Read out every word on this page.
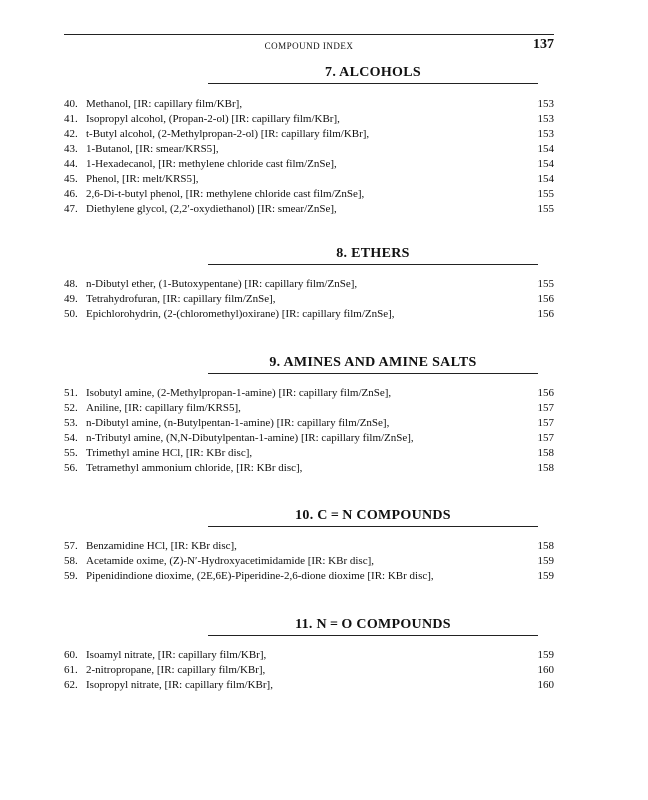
COMPOUND INDEX	137
7. ALCOHOLS
40. Methanol, [IR: capillary film/KBr],	153
41. Isopropyl alcohol, (Propan-2-ol) [IR: capillary film/KBr],	153
42. t-Butyl alcohol, (2-Methylpropan-2-ol) [IR: capillary film/KBr],	153
43. 1-Butanol, [IR: smear/KRS5],	154
44. 1-Hexadecanol, [IR: methylene chloride cast film/ZnSe],	154
45. Phenol, [IR: melt/KRS5],	154
46. 2,6-Di-t-butyl phenol, [IR: methylene chloride cast film/ZnSe],	155
47. Diethylene glycol, (2,2′-oxydiethanol) [IR: smear/ZnSe],	155
8. ETHERS
48. n-Dibutyl ether, (1-Butoxypentane) [IR: capillary film/ZnSe],	155
49. Tetrahydrofuran, [IR: capillary film/ZnSe],	156
50. Epichlorohydrin, (2-(chloromethyl)oxirane) [IR: capillary film/ZnSe],	156
9. AMINES AND AMINE SALTS
51. Isobutyl amine, (2-Methylpropan-1-amine) [IR: capillary film/ZnSe],	156
52. Aniline, [IR: capillary film/KRS5],	157
53. n-Dibutyl amine, (n-Butylpentan-1-amine) [IR: capillary film/ZnSe],	157
54. n-Tributyl amine, (N,N-Dibutylpentan-1-amine) [IR: capillary film/ZnSe],	157
55. Trimethyl amine HCl, [IR: KBr disc],	158
56. Tetramethyl ammonium chloride, [IR: KBr disc],	158
10. C = N COMPOUNDS
57. Benzamidine HCl, [IR: KBr disc],	158
58. Acetamide oxime, (Z)-N′-Hydroxyacetimidamide [IR: KBr disc],	159
59. Pipenidindione dioxime, (2E,6E)-Piperidine-2,6-dione dioxime [IR: KBr disc],	159
11. N = O COMPOUNDS
60. Isoamyl nitrate, [IR: capillary film/KBr],	159
61. 2-nitropropane, [IR: capillary film/KBr],	160
62. Isopropyl nitrate, [IR: capillary film/KBr],	160
